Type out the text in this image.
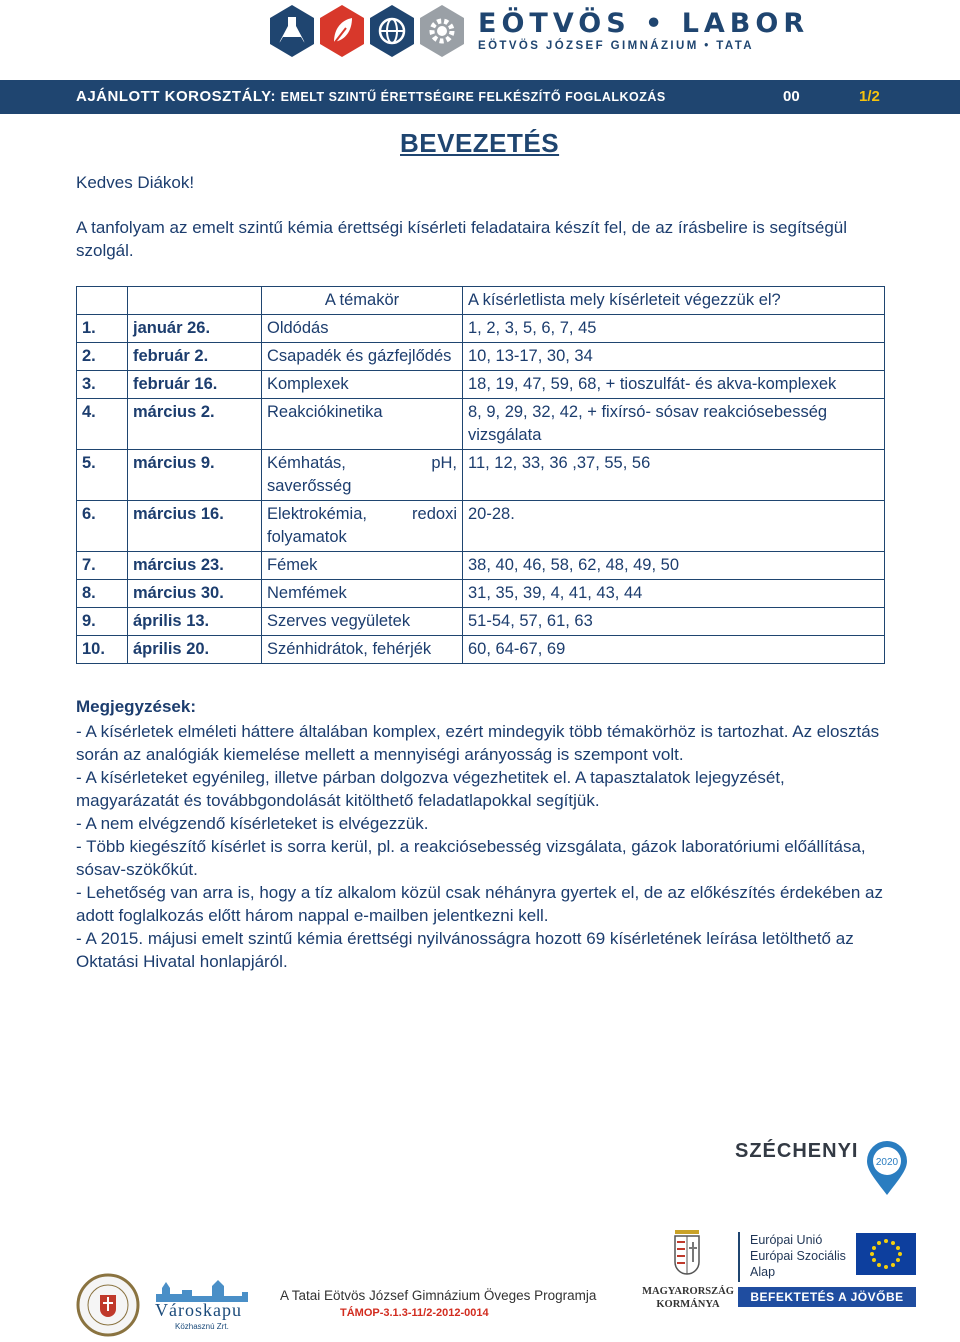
EÖTVÖS • LABOR
EÖTVÖS JÓZSEF GIMNÁZIUM • TATA
AJÁNLOTT KOROSZTÁLY: EMELT SZINTŰ ÉRETTSÉGIRE FELKÉSZÍTŐ FOGLALKOZÁS	00	1/2
BEVEZETÉS
Kedves Diákok!
A tanfolyam az emelt szintű kémia érettségi kísérleti feladataira készít fel, de az írásbelire is segítségül szolgál.
		A témakör	A kísérletlista mely kísérleteit végezzük el?
1.	január 26.	Oldódás	1, 2, 3, 5, 6, 7, 45
2.	február 2.	Csapadék és gázfejlődés	10, 13-17, 30, 34
3.	február 16.	Komplexek	18, 19, 47, 59, 68, + tioszulfát- és akva-komplexek
4.	március 2.	Reakciókinetika	8, 9, 29, 32, 42, + fixírsó- sósav reakciósebesség vizsgálata
5.	március 9.	Kémhatás, pH, saverősség	11, 12, 33, 36 ,37, 55, 56
6.	március 16.	Elektrokémia, redoxi folyamatok	20-28.
7.	március 23.	Fémek	38, 40, 46, 58, 62, 48, 49, 50
8.	március 30.	Nemfémek	31, 35, 39, 4, 41, 43, 44
9.	április 13.	Szerves vegyületek	51-54, 57, 61, 63
10.	április 20.	Szénhidrátok, fehérjék	60, 64-67, 69
Megjegyzések:

- A kísérletek elméleti háttere általában komplex, ezért mindegyik több témakörhöz is tartozhat. Az elosztás során az analógiák kiemelése mellett a mennyiségi arányosság is szempont volt.

- A kísérleteket egyénileg, illetve párban dolgozva végezhetitek el. A tapasztalatok lejegyzését, magyarázatát és továbbgondolását kitölthető feladatlapokkal segítjük.

- A nem elvégzendő kísérleteket is elvégezzük.

- Több kiegészítő kísérlet is sorra kerül, pl. a reakciósebesség vizsgálata, gázok laboratóriumi előállítása, sósav-szökőkút.

- Lehetőség van arra is, hogy a tíz alkalom közül csak néhányra gyertek el, de az előkészítés érdekében az adott foglalkozás előtt három nappal e-mailben jelentkezni kell.

- A 2015. májusi emelt szintű kémia érettségi nyilvánosságra hozott 69 kísérletének leírása letölthető az Oktatási Hivatal honlapjáról.

SZÉCHENYI
2020
Európai Unió
Európai Szociális
Alap
BEFEKTETÉS A JÖVŐBE
MAGYARORSZÁG
KORMÁNYA
Városkapu
Közhasznú Zrt.
A Tatai Eötvös József Gimnázium Öveges Programja
TÁMOP-3.1.3-11/2-2012-0014
